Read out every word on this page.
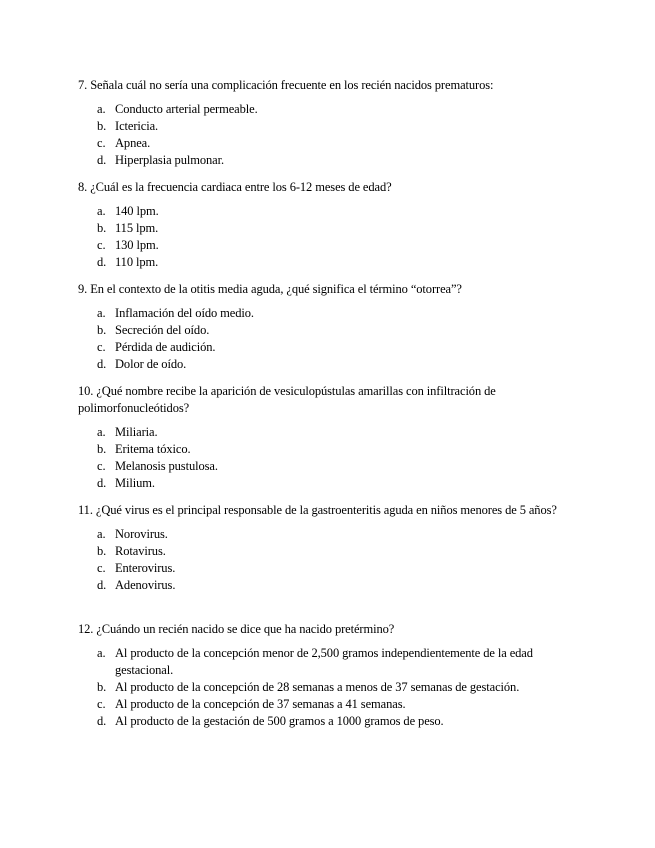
7. Señala cuál no sería una complicación frecuente en los recién nacidos prematuros:

a. Conducto arterial permeable.
b. Ictericia.
c. Apnea.
d. Hiperplasia pulmonar.

8. ¿Cuál es la frecuencia cardiaca entre los 6-12 meses de edad?

a. 140 lpm.
b. 115 lpm.
c. 130 lpm.
d. 110 lpm.

9. En el contexto de la otitis media aguda, ¿qué significa el término “otorrea”?

a. Inflamación del oído medio.
b. Secreción del oído.
c. Pérdida de audición.
d. Dolor de oído.

10. ¿Qué nombre recibe la aparición de vesiculopústulas amarillas con infiltración de polimorfonucleótidos?

a. Miliaria.
b. Eritema tóxico.
c. Melanosis pustulosa.
d. Milium.

11. ¿Qué virus es el principal responsable de la gastroenteritis aguda en niños menores de 5 años?

a. Norovirus.
b. Rotavirus.
c. Enterovirus.
d. Adenovirus.

12. ¿Cuándo un recién nacido se dice que ha nacido pretérmino?

a. Al producto de la concepción menor de 2,500 gramos independientemente de la edad gestacional.
b. Al producto de la concepción de 28 semanas a menos de 37 semanas de gestación.
c. Al producto de la concepción de 37 semanas a 41 semanas.
d. Al producto de la gestación de 500 gramos a 1000 gramos de peso.
